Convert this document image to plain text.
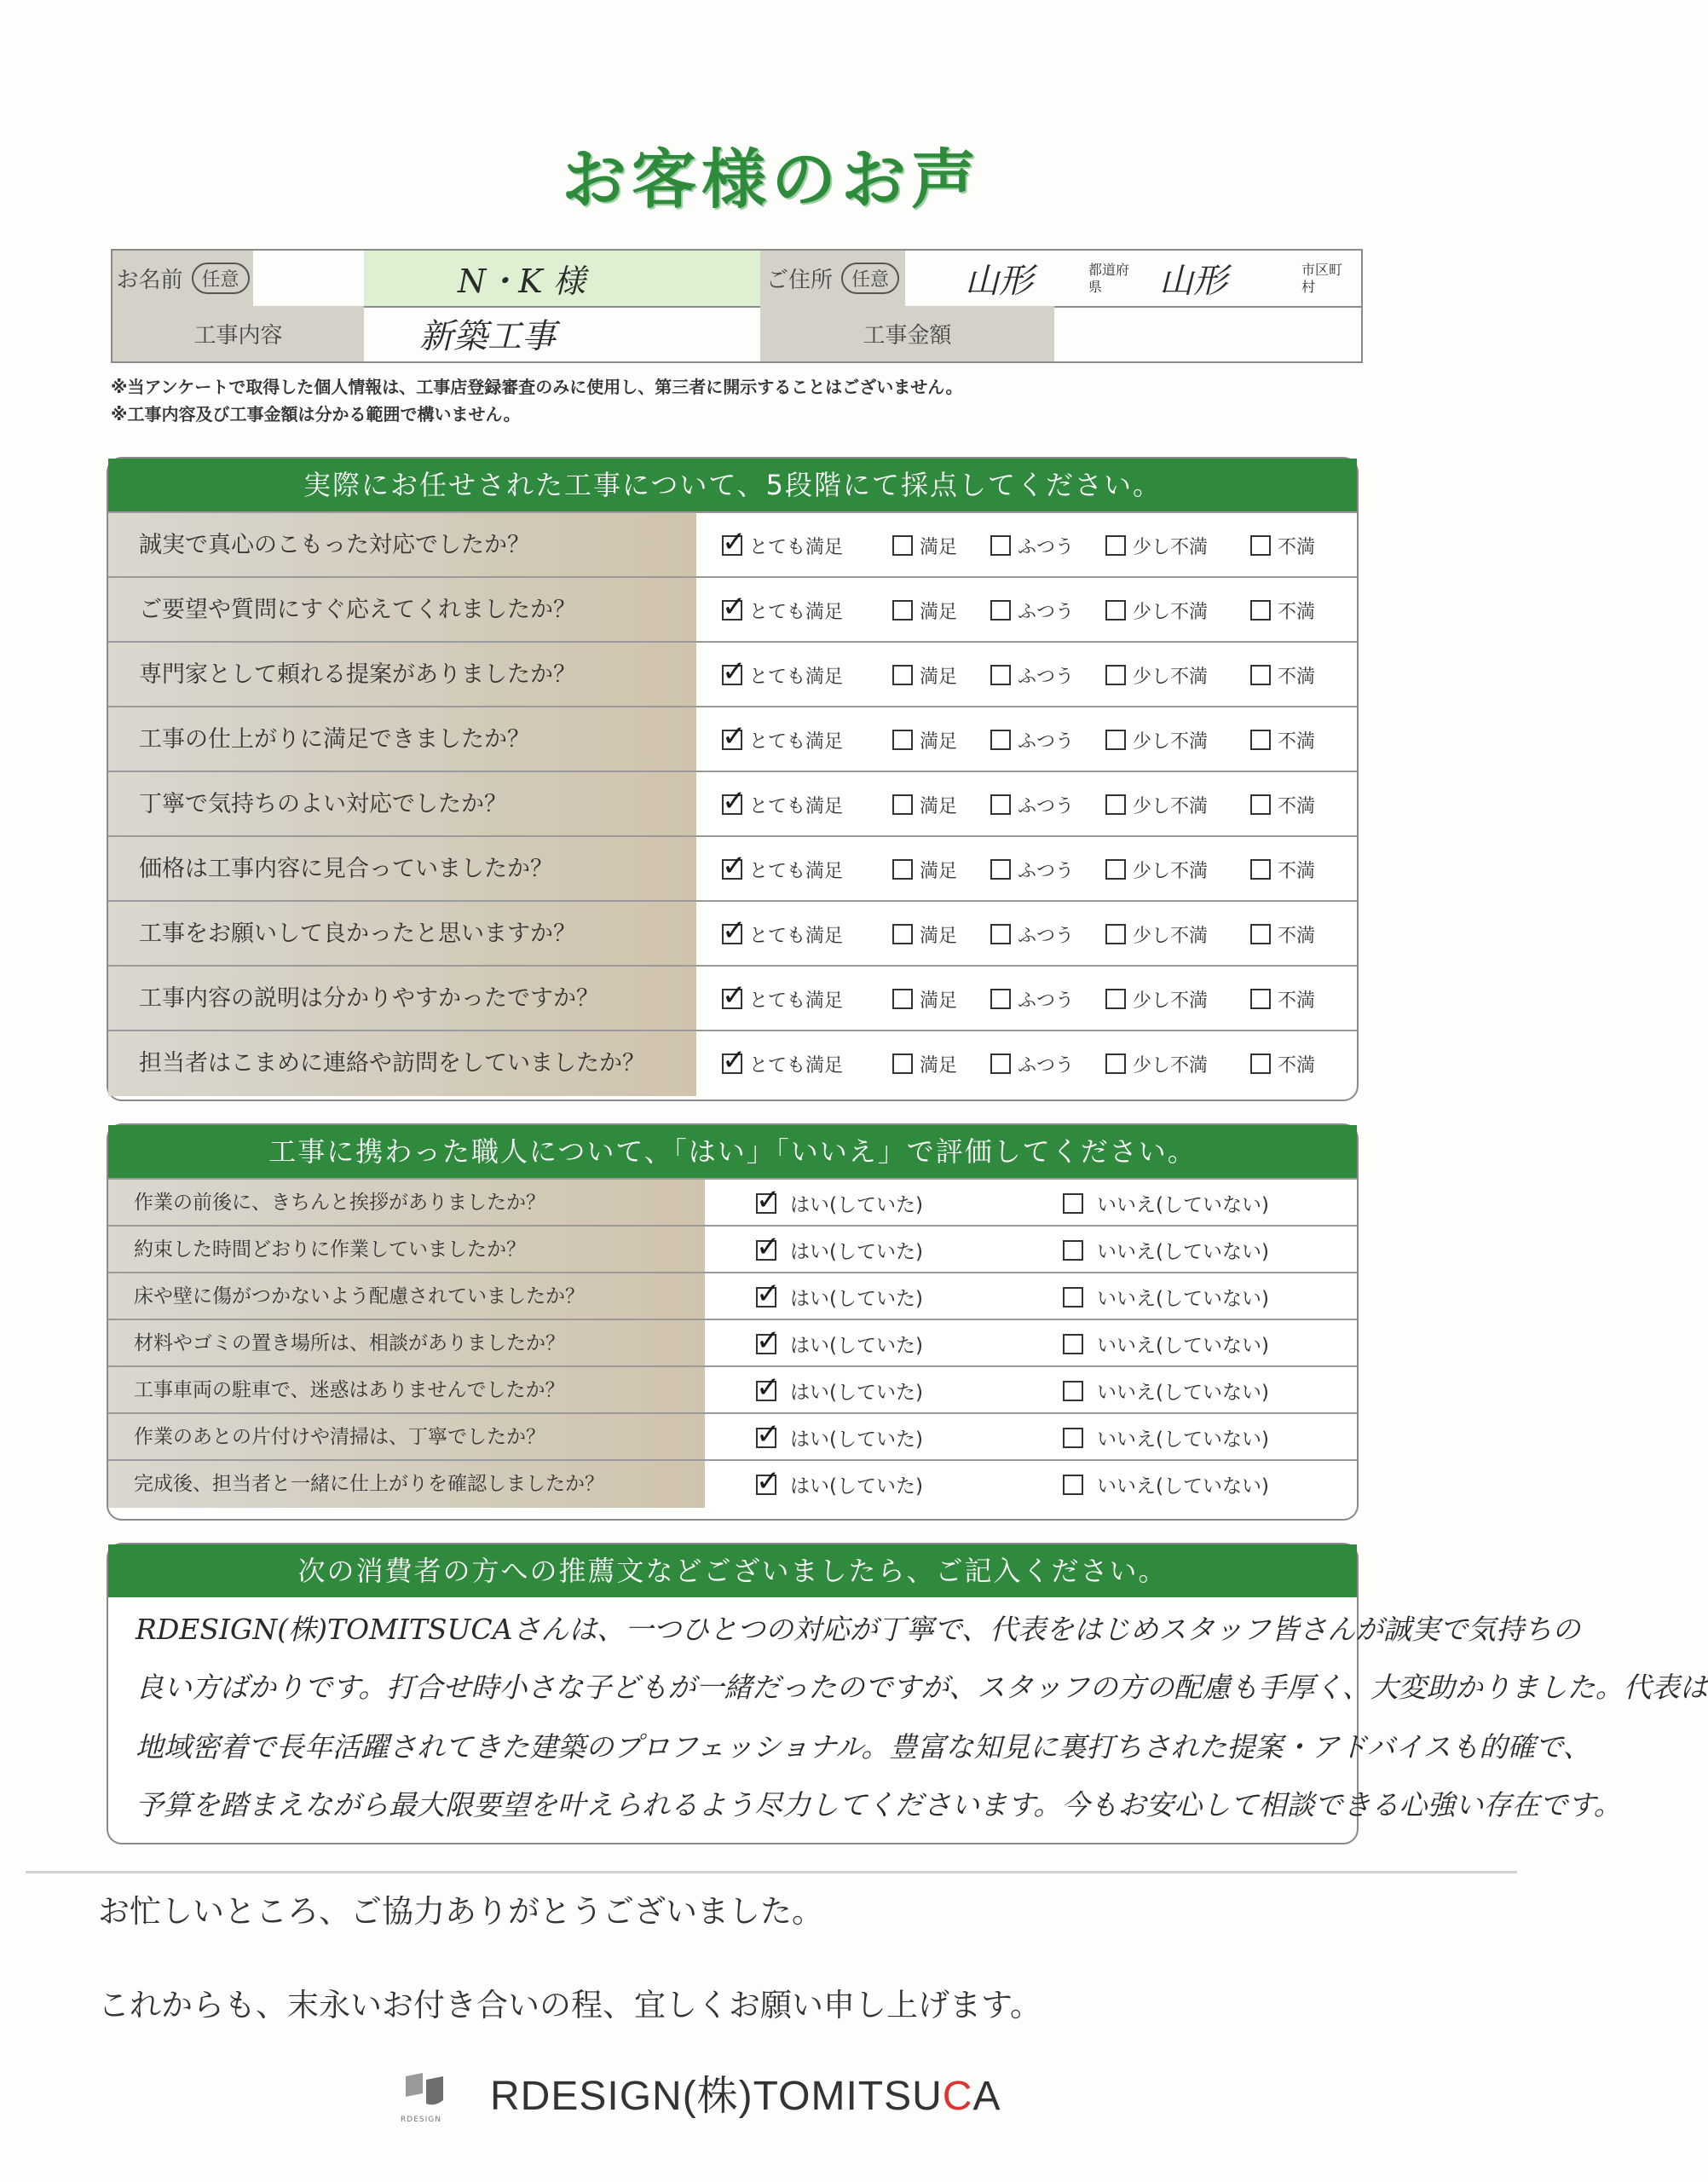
お客様のお声
お名前	任意	N・K 様	ご住所	任意	山形	都道府県	山形	市区町村
工事内容	新築工事	工事金額
※当アンケートで取得した個人情報は、工事店登録審査のみに使用し、第三者に開示することはございません。
※工事内容及び工事金額は分かる範囲で構いません。
実際にお任せされた工事について、5段階にて採点してください。
誠実で真心のこもった対応でしたか？ ✓	とても満足	満足	ふつう	少し不満	不満
ご要望や質問にすぐ応えてくれましたか？ ✓	とても満足	満足	ふつう	少し不満	不満
専門家として頼れる提案がありましたか？ ✓	とても満足	満足	ふつう	少し不満	不満
工事の仕上がりに満足できましたか？ ✓	とても満足	満足	ふつう	少し不満	不満
丁寧で気持ちのよい対応でしたか？ ✓	とても満足	満足	ふつう	少し不満	不満
価格は工事内容に見合っていましたか？ ✓	とても満足	満足	ふつう	少し不満	不満
工事をお願いして良かったと思いますか？ ✓	とても満足	満足	ふつう	少し不満	不満
工事内容の説明は分かりやすかったですか？ ✓	とても満足	満足	ふつう	少し不満	不満
担当者はこまめに連絡や訪問をしていましたか？ ✓	とても満足	満足	ふつう	少し不満	不満
工事に携わった職人について、「はい」「いいえ」で評価してください。
作業の前後に、きちんと挨拶がありましたか？ ✓	はい(していた)	いいえ(していない)
約束した時間どおりに作業していましたか？ ✓	はい(していた)	いいえ(していない)
床や壁に傷がつかないよう配慮されていましたか？ ✓	はい(していた)	いいえ(していない)
材料やゴミの置き場所は、相談がありましたか？ ✓	はい(していた)	いいえ(していない)
工事車両の駐車で、迷惑はありませんでしたか？ ✓	はい(していた)	いいえ(していない)
作業のあとの片付けや清掃は、丁寧でしたか？ ✓	はい(していた)	いいえ(していない)
完成後、担当者と一緒に仕上がりを確認しましたか？ ✓	はい(していた)	いいえ(していない)
次の消費者の方への推薦文などございましたら、ご記入ください。
RDESIGN(株)TOMITSUCAさんは、一つひとつの対応が丁寧で、代表をはじめスタッフ皆さんが誠実で気持ちの
良い方ばかりです。打合せ時小さな子どもが一緒だったのですが、スタッフの方の配慮も手厚く、大変助かりました。代表は
地域密着で長年活躍されてきた建築のプロフェッショナル。豊富な知見に裏打ちされた提案・アドバイスも的確で、
予算を踏まえながら最大限要望を叶えられるよう尽力してくださいます。今もお安心して相談できる心強い存在です。
お忙しいところ、ご協力ありがとうございました。
これからも、末永いお付き合いの程、宜しくお願い申し上げます。
RDESIGN
RDESIGN(株)TOMITSUCA
